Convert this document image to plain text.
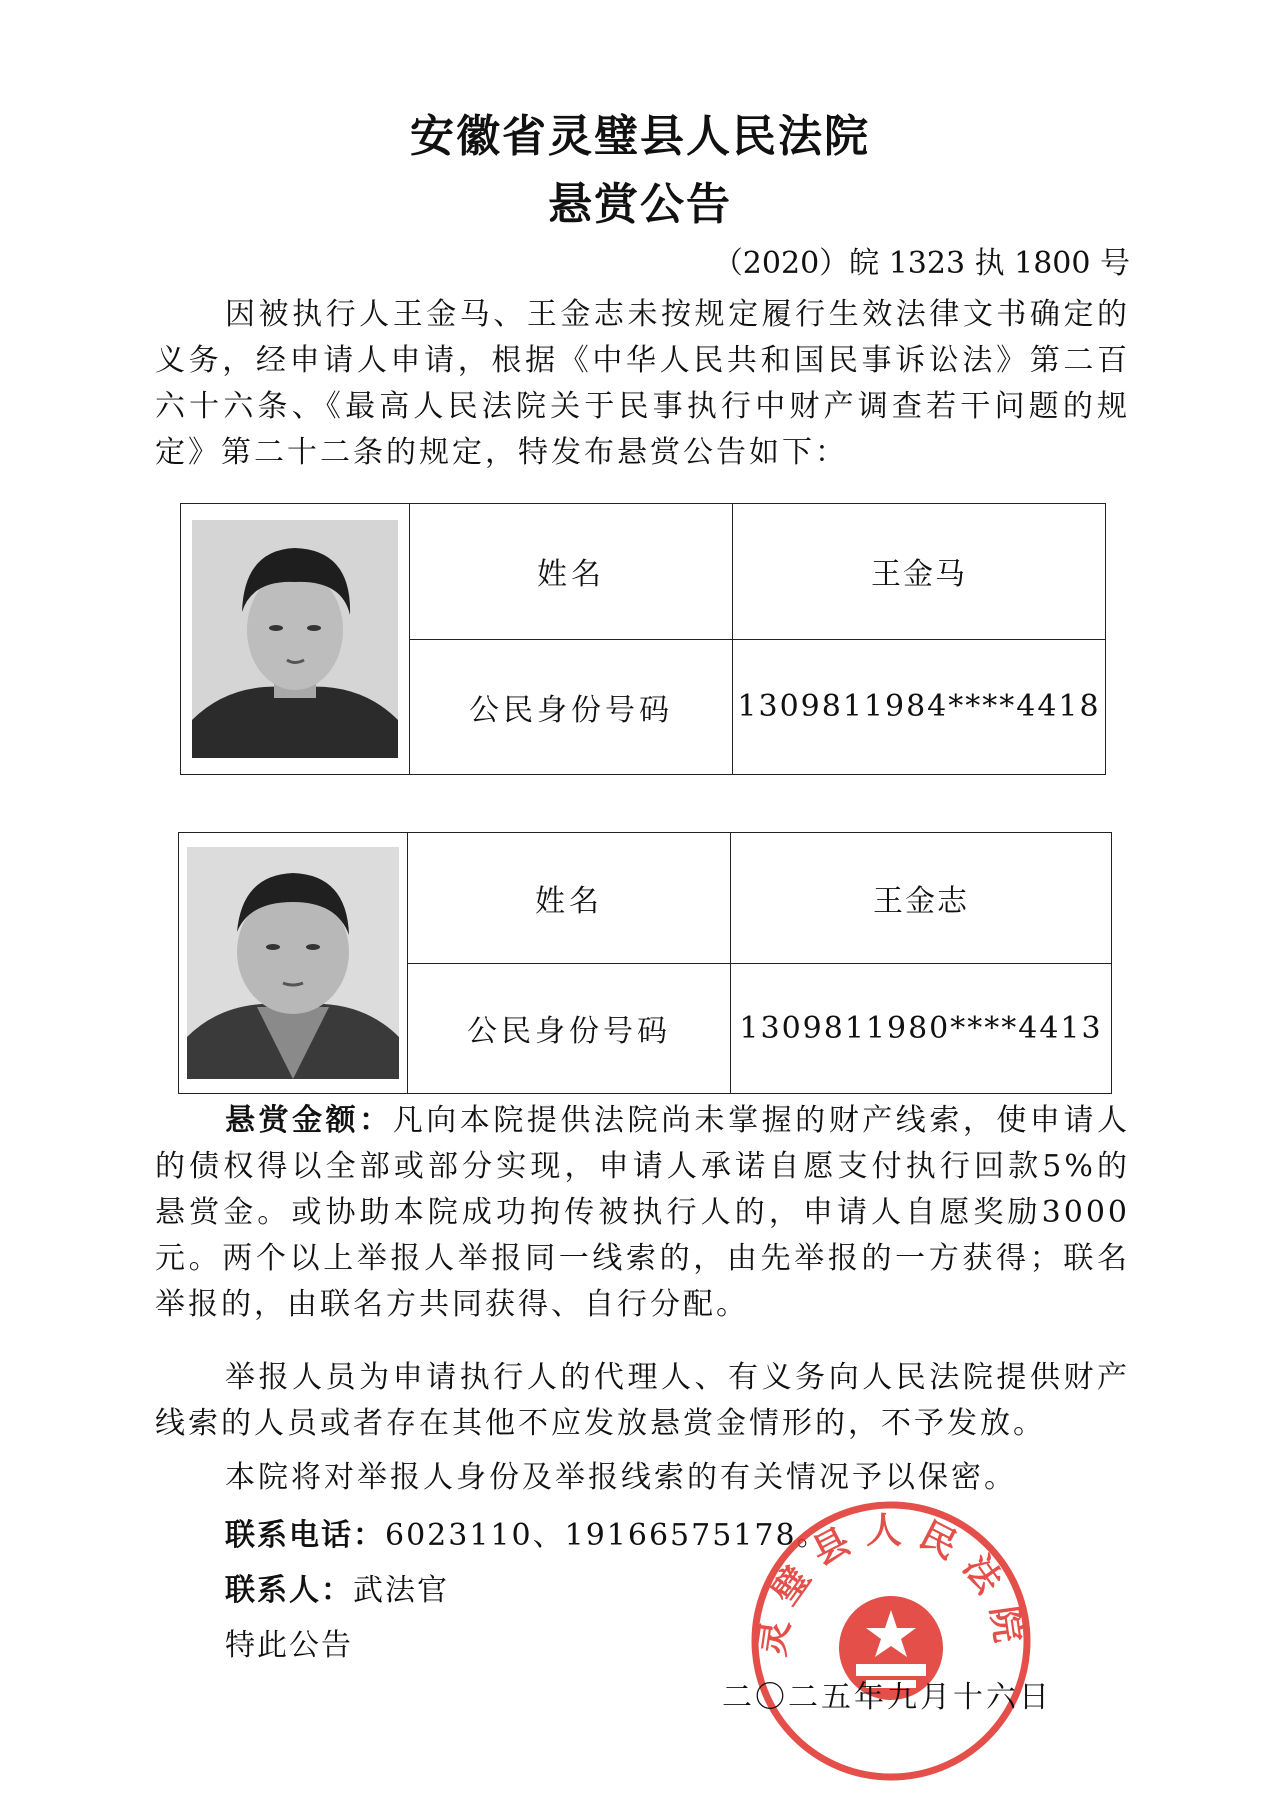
安徽省灵璧县人民法院
悬赏公告
（2020）皖 1323 执 1800 号
因被执行人王金马、王金志未按规定履行生效法律文书确定的义务，经申请人申请，根据《中华人民共和国民事诉讼法》第二百六十六条、《最高人民法院关于民事执行中财产调查若干问题的规定》第二十二条的规定，特发布悬赏公告如下：
	姓名	王金马
	公民身份号码	1309811984****4418
	姓名	王金志
	公民身份号码	1309811980****4413
悬赏金额：凡向本院提供法院尚未掌握的财产线索，使申请人的债权得以全部或部分实现，申请人承诺自愿支付执行回款5%的悬赏金。或协助本院成功拘传被执行人的，申请人自愿奖励3000元。两个以上举报人举报同一线索的，由先举报的一方获得；联名举报的，由联名方共同获得、自行分配。
举报人员为申请执行人的代理人、有义务向人民法院提供财产线索的人员或者存在其他不应发放悬赏金情形的，不予发放。
本院将对举报人身份及举报线索的有关情况予以保密。
联系电话：6023110、19166575178。
联系人：武法官
特此公告
二〇二五年九月十六日
灵璧县人民法院
